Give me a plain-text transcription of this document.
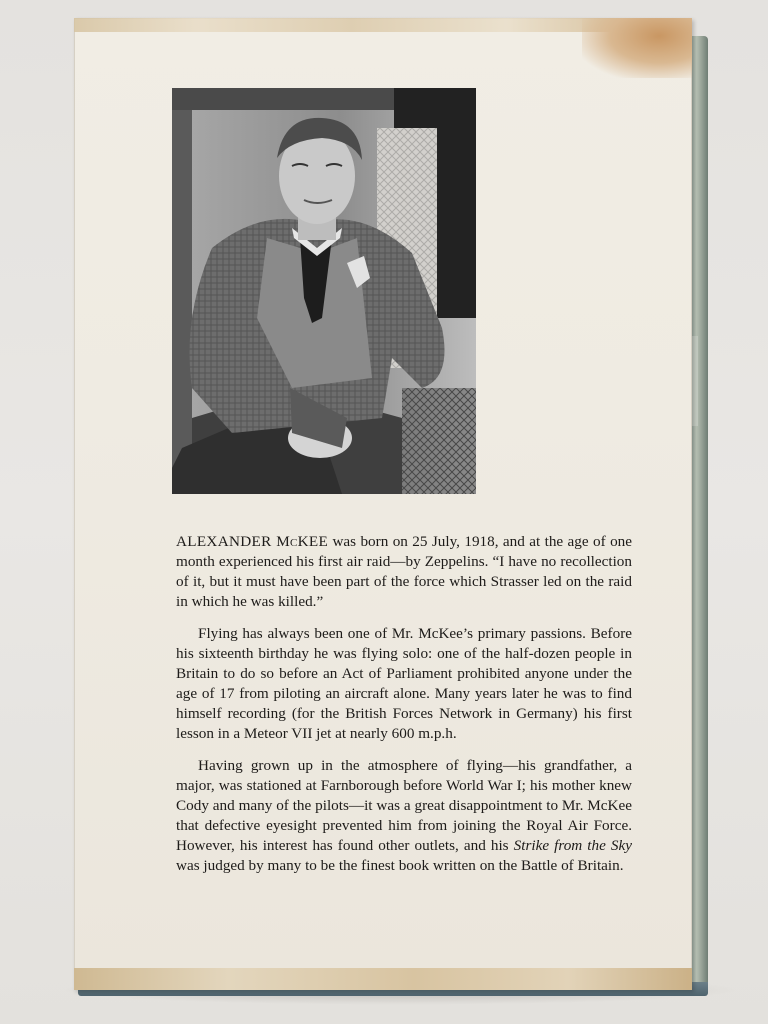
ALEXANDER McKEE was born on 25 July, 1918, and at the age of one month experienced his first air raid—by Zeppelins. “I have no recollection of it, but it must have been part of the force which Strasser led on the raid in which he was killed.”

Flying has always been one of Mr. McKee’s primary passions. Before his sixteenth birthday he was flying solo: one of the half-dozen people in Britain to do so before an Act of Parliament prohibited anyone under the age of 17 from piloting an aircraft alone. Many years later he was to find himself recording (for the British Forces Network in Germany) his first lesson in a Meteor VII jet at nearly 600 m.p.h.

Having grown up in the atmosphere of flying—his grandfather, a major, was stationed at Farnborough before World War I; his mother knew Cody and many of the pilots—it was a great disappointment to Mr. McKee that defective eyesight prevented him from joining the Royal Air Force. However, his interest has found other outlets, and his Strike from the Sky was judged by many to be the finest book written on the Battle of Britain.
